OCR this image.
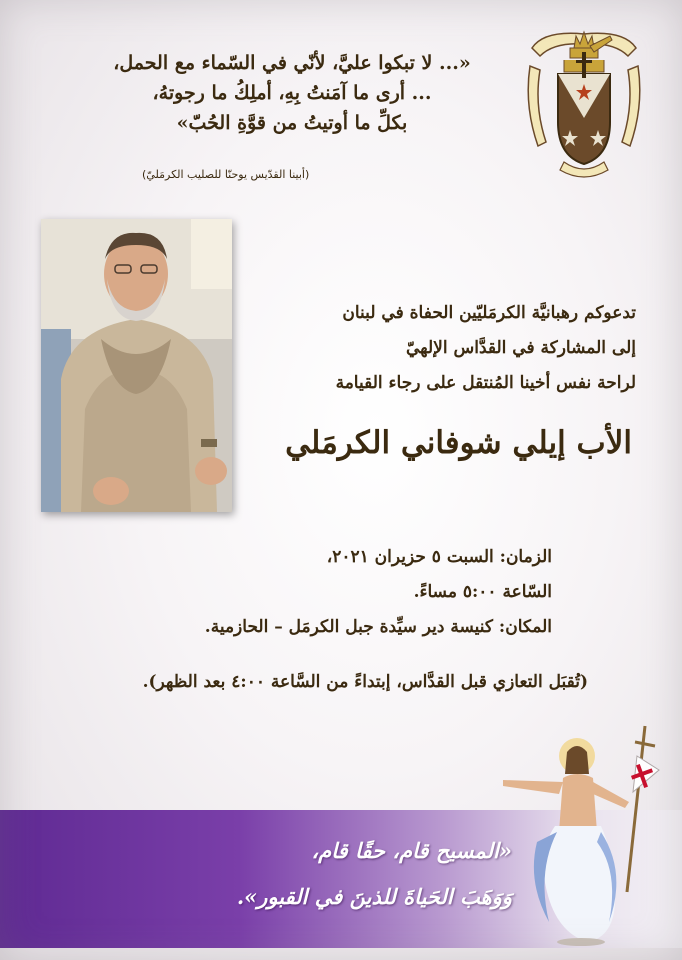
«... لا تبكوا عليَّ، لأنّي في السّماء مع الحمل،
... أرى ما آمَنتُ بِهِ، أملِكُ ما رجوتهُ،
بكلِّ ما أوتيتُ من قوَّةِ الحُبّ»
(أبينا القدّيس يوحنّا للصليب الكرمَليّ)
تدعوكم رهبانيَّة الكرمَليّين الحفاة في لبنان
إلى المشاركة في القدَّاس الإلهيّ
لراحة نفس أخينا المُنتقل على رجاء القيامة
الأب إيلي شوفاني الكرمَلي
الزمان: السبت ٥ حزيران ٢٠٢١،
السّاعة ٥:٠٠ مساءً.
المكان: كنيسة دير سيِّدة جبل الكرمَل – الحازمية.
(تُقبَل التعازي قبل القدَّاس، إبتداءً من السَّاعة ٤:٠٠ بعد الظهر).
«المسيح قام، حقًا قام،
وَوَهَبَ الحَياةَ للذينَ في القبور».
